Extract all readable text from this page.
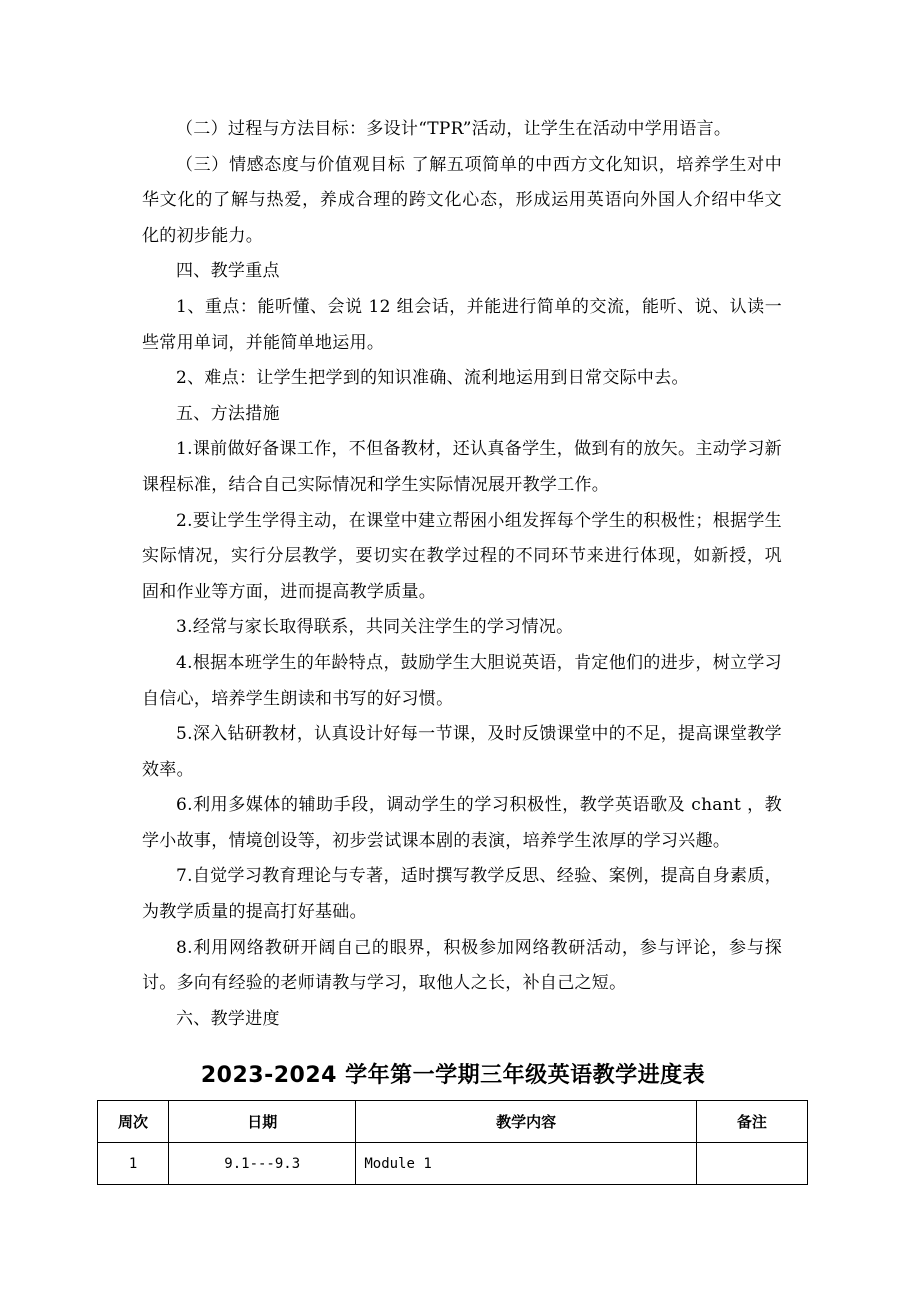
（二）过程与方法目标：多设计“TPR”活动，让学生在活动中学用语言。

（三）情感态度与价值观目标 了解五项简单的中西方文化知识，培养学生对中华文化的了解与热爱，养成合理的跨文化心态，形成运用英语向外国人介绍中华文化的初步能力。

四、教学重点

1、重点：能听懂、会说 12 组会话，并能进行简单的交流，能听、说、认读一些常用单词，并能简单地运用。

2、难点：让学生把学到的知识准确、流利地运用到日常交际中去。

五、方法措施

1.课前做好备课工作，不但备教材，还认真备学生，做到有的放矢。主动学习新课程标准，结合自己实际情况和学生实际情况展开教学工作。

2.要让学生学得主动，在课堂中建立帮困小组发挥每个学生的积极性；根据学生实际情况，实行分层教学，要切实在教学过程的不同环节来进行体现，如新授，巩固和作业等方面，进而提高教学质量。

3.经常与家长取得联系，共同关注学生的学习情况。

4.根据本班学生的年龄特点，鼓励学生大胆说英语，肯定他们的进步，树立学习自信心，培养学生朗读和书写的好习惯。

5.深入钻研教材，认真设计好每一节课，及时反馈课堂中的不足，提高课堂教学效率。

6.利用多媒体的辅助手段，调动学生的学习积极性，教学英语歌及 chant ，教学小故事，情境创设等，初步尝试课本剧的表演，培养学生浓厚的学习兴趣。

7.自觉学习教育理论与专著，适时撰写教学反思、经验、案例，提高自身素质，为教学质量的提高打好基础。

8.利用网络教研开阔自己的眼界，积极参加网络教研活动，参与评论，参与探讨。多向有经验的老师请教与学习，取他人之长，补自己之短。

六、教学进度

2023-2024 学年第一学期三年级英语教学进度表
周次	日期	教学内容	备注
1	9.1---9.3	Module 1	
